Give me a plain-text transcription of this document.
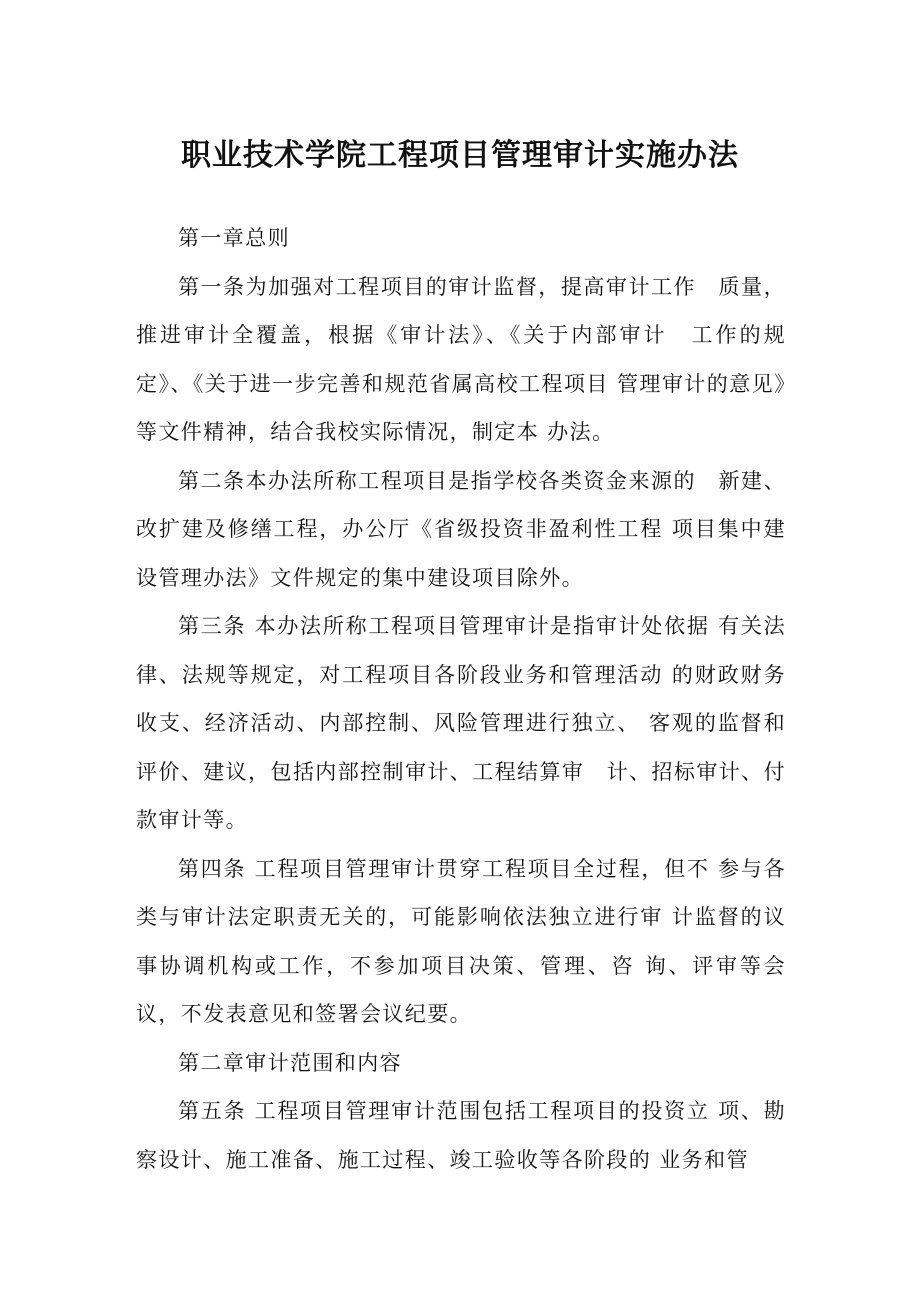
职业技术学院工程项目管理审计实施办法

第一章总则

第一条为加强对工程项目的审计监督，提高审计工作　质量，推进审计全覆盖，根据《审计法》、《关于内部审计　工作的规定》、《关于进一步完善和规范省属高校工程项目 管理审计的意见》等文件精神，结合我校实际情况，制定本 办法。

第二条本办法所称工程项目是指学校各类资金来源的　新建、改扩建及修缮工程，办公厅《省级投资非盈利性工程 项目集中建设管理办法》文件规定的集中建设项目除外。

第三条 本办法所称工程项目管理审计是指审计处依据 有关法律、法规等规定，对工程项目各阶段业务和管理活动 的财政财务收支、经济活动、内部控制、风险管理进行独立、 客观的监督和评价、建议，包括内部控制审计、工程结算审　计、招标审计、付款审计等。

第四条 工程项目管理审计贯穿工程项目全过程，但不 参与各类与审计法定职责无关的，可能影响依法独立进行审 计监督的议事协调机构或工作，不参加项目决策、管理、咨 询、评审等会议，不发表意见和签署会议纪要。

第二章审计范围和内容

第五条 工程项目管理审计范围包括工程项目的投资立 项、勘察设计、施工准备、施工过程、竣工验收等各阶段的 业务和管
